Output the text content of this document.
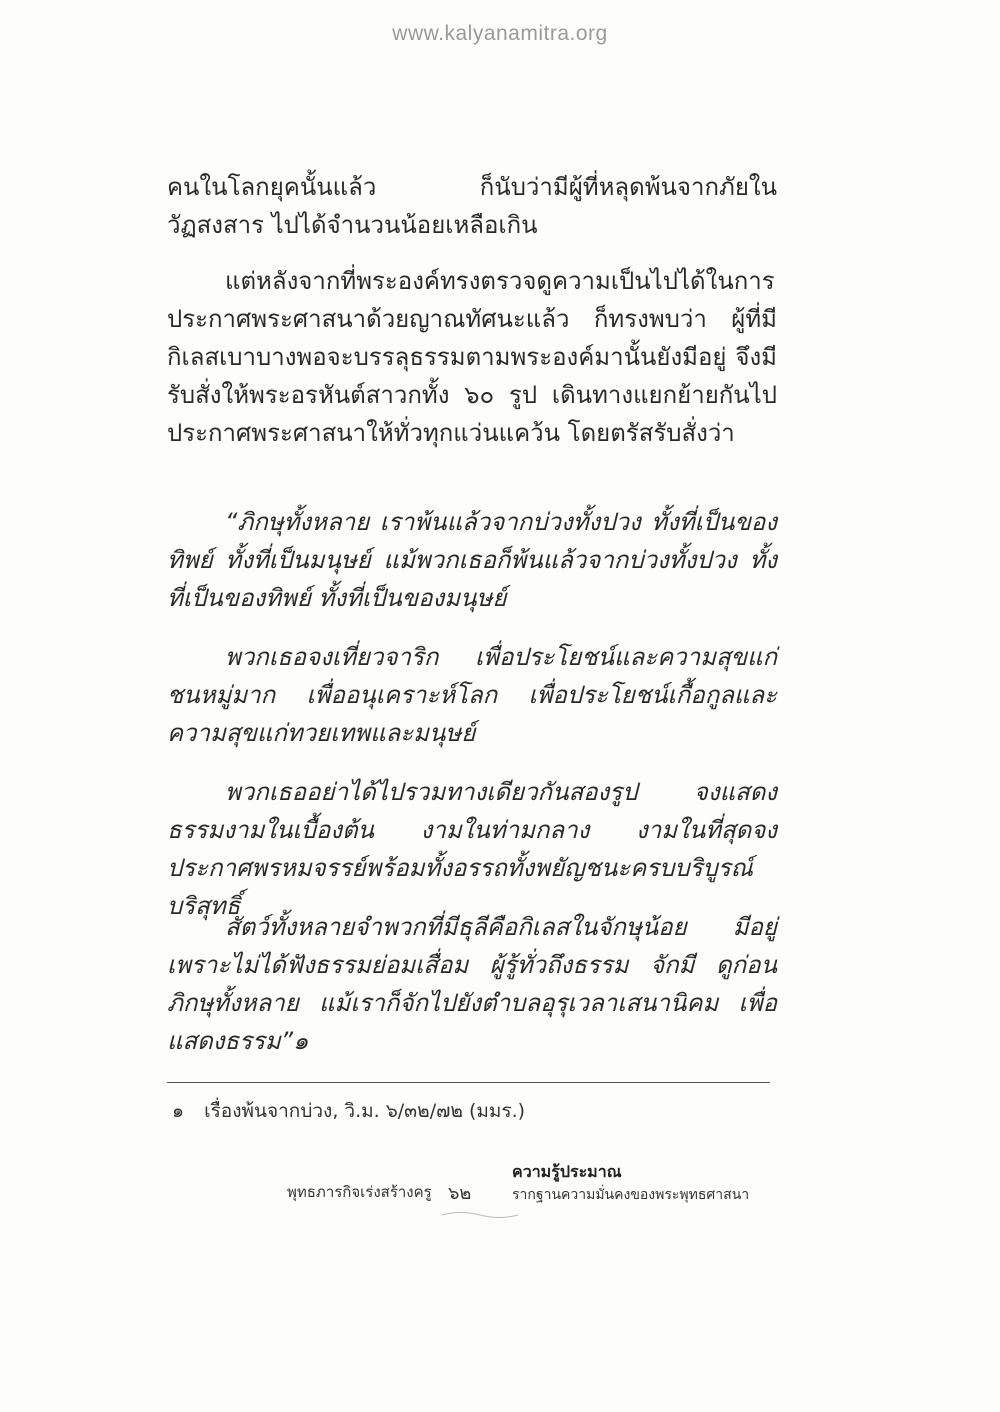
www.kalyanamitra.org

คนในโลกยุคนั้นแล้ว ก็นับว่ามีผู้ที่หลุดพ้นจากภัยในวัฏสงสาร ไปได้จำนวนน้อยเหลือเกิน

แต่หลังจากที่พระองค์ทรงตรวจดูความเป็นไปได้ในการประกาศพระศาสนาด้วยญาณทัศนะแล้ว ก็ทรงพบว่า ผู้ที่มีกิเลสเบาบางพอจะบรรลุธรรมตามพระองค์มานั้นยังมีอยู่ จึงมีรับสั่งให้พระอรหันต์สาวกทั้ง ๖๐ รูป เดินทางแยกย้ายกันไปประกาศพระศาสนาให้ทั่วทุกแว่นแคว้น โดยตรัสรับสั่งว่า

“ภิกษุทั้งหลาย เราพ้นแล้วจากบ่วงทั้งปวง ทั้งที่เป็นของทิพย์ ทั้งที่เป็นมนุษย์ แม้พวกเธอก็พ้นแล้วจากบ่วงทั้งปวง ทั้งที่เป็นของทิพย์ ทั้งที่เป็นของมนุษย์

พวกเธอจงเที่ยวจาริก เพื่อประโยชน์และความสุขแก่ชนหมู่มาก เพื่ออนุเคราะห์โลก เพื่อประโยชน์เกื้อกูลและความสุขแก่ทวยเทพและมนุษย์

พวกเธออย่าได้ไปรวมทางเดียวกันสองรูป จงแสดงธรรมงามในเบื้องต้น งามในท่ามกลาง งามในที่สุดจงประกาศพรหมจรรย์พร้อมทั้งอรรถทั้งพยัญชนะครบบริบูรณ์บริสุทธิ์

สัตว์ทั้งหลายจำพวกที่มีธุลีคือกิเลสในจักษุน้อย มีอยู่ เพราะไม่ได้ฟังธรรมย่อมเสื่อม ผู้รู้ทั่วถึงธรรม จักมี ดูก่อนภิกษุทั้งหลาย แม้เราก็จักไปยังตำบลอุรุเวลาเสนานิคม เพื่อแสดงธรรม”๑

๑ เรื่องพ้นจากบ่วง, วิ.ม. ๖/๓๒/๗๒ (มมร.)
พุทธภารกิจเร่งสร้างครู ๖๒
ความรู้ประมาณ
รากฐานความมั่นคงของพระพุทธศาสนา
